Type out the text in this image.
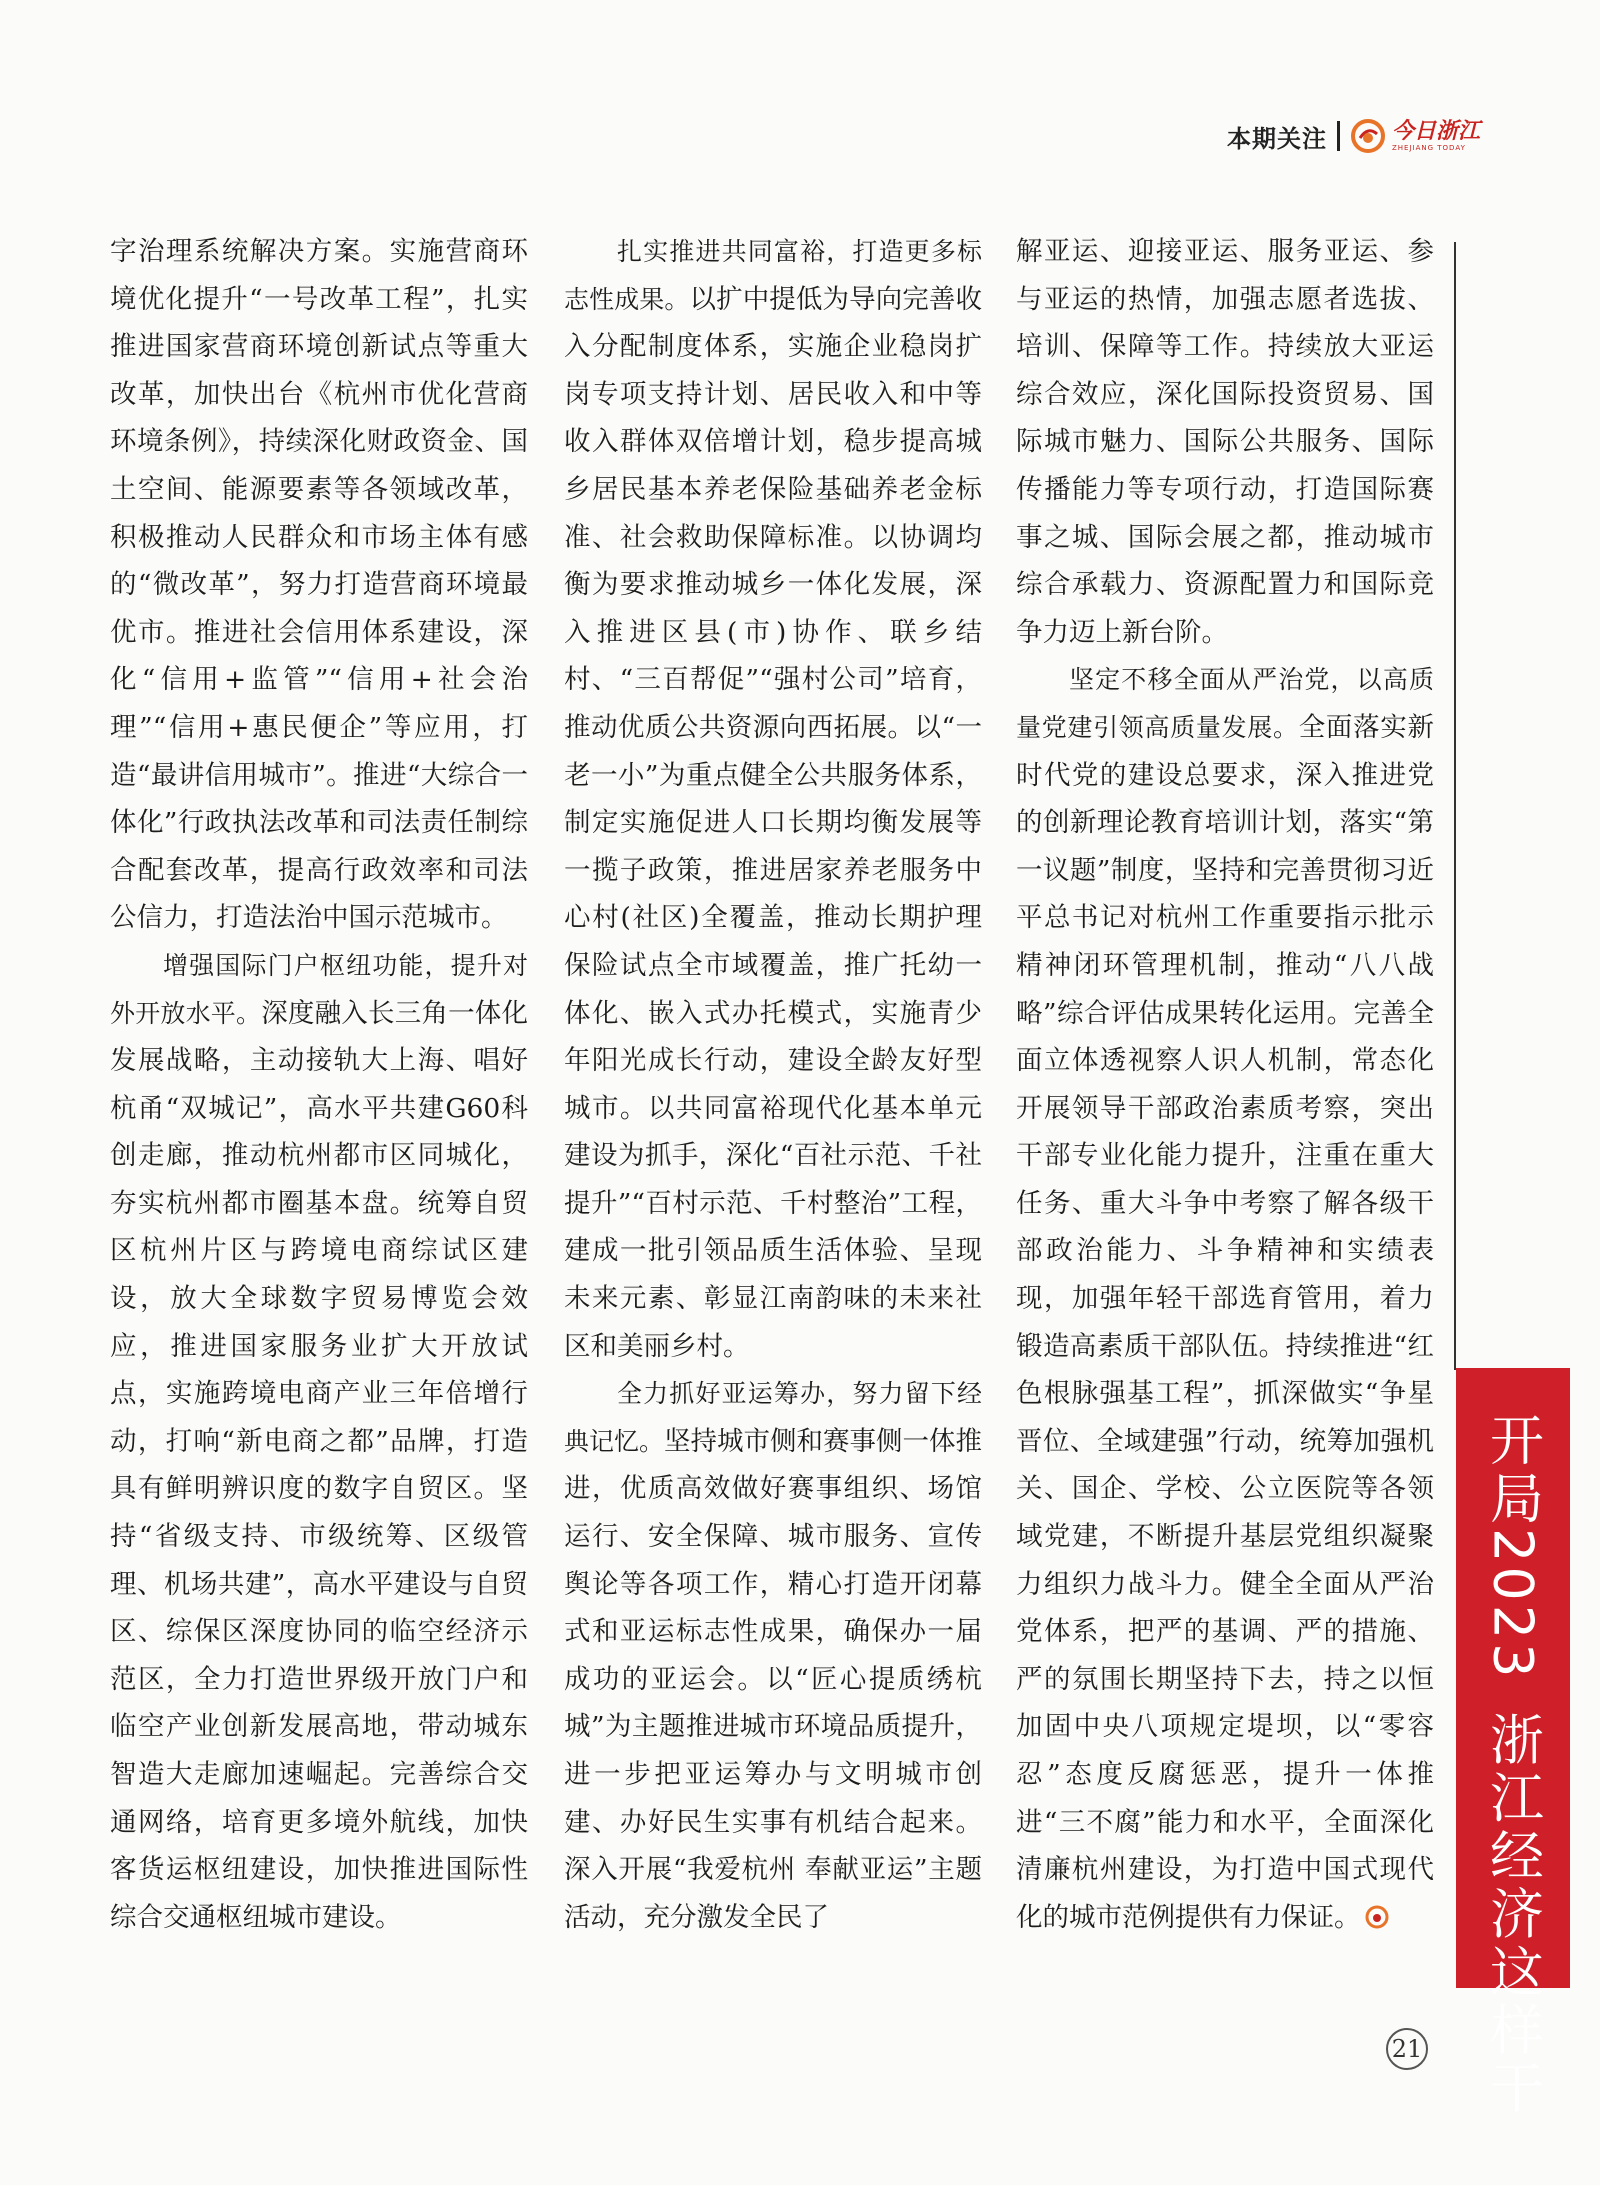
本期关注	今日浙江
ZHEJIANG TODAY

字治理系统解决方案。实施营商环境优化提升“一号改革工程”，扎实推进国家营商环境创新试点等重大改革，加快出台《杭州市优化营商环境条例》，持续深化财政资金、国土空间、能源要素等各领域改革，积极推动人民群众和市场主体有感的“微改革”，努力打造营商环境最优市。推进社会信用体系建设，深化“信用+监管”“信用+社会治理”“信用+惠民便企”等应用，打造“最讲信用城市”。推进“大综合一体化”行政执法改革和司法责任制综合配套改革，提高行政效率和司法公信力，打造法治中国示范城市。

增强国际门户枢纽功能，提升对外开放水平。深度融入长三角一体化发展战略，主动接轨大上海、唱好杭甬“双城记”，高水平共建G60科创走廊，推动杭州都市区同城化，夯实杭州都市圈基本盘。统筹自贸区杭州片区与跨境电商综试区建设，放大全球数字贸易博览会效应，推进国家服务业扩大开放试点，实施跨境电商产业三年倍增行动，打响“新电商之都”品牌，打造具有鲜明辨识度的数字自贸区。坚持“省级支持、市级统筹、区级管理、机场共建”，高水平建设与自贸区、综保区深度协同的临空经济示范区，全力打造世界级开放门户和临空产业创新发展高地，带动城东智造大走廊加速崛起。完善综合交通网络，培育更多境外航线，加快客货运枢纽建设，加快推进国际性综合交通枢纽城市建设。

扎实推进共同富裕，打造更多标志性成果。以扩中提低为导向完善收入分配制度体系，实施企业稳岗扩岗专项支持计划、居民收入和中等收入群体双倍增计划，稳步提高城乡居民基本养老保险基础养老金标准、社会救助保障标准。以协调均衡为要求推动城乡一体化发展，深入推进区县(市)协作、联乡结村、“三百帮促”“强村公司”培育，推动优质公共资源向西拓展。以“一老一小”为重点健全公共服务体系，制定实施促进人口长期均衡发展等一揽子政策，推进居家养老服务中心村(社区)全覆盖，推动长期护理保险试点全市域覆盖，推广托幼一体化、嵌入式办托模式，实施青少年阳光成长行动，建设全龄友好型城市。以共同富裕现代化基本单元建设为抓手，深化“百社示范、千社提升”“百村示范、千村整治”工程，建成一批引领品质生活体验、呈现未来元素、彰显江南韵味的未来社区和美丽乡村。

全力抓好亚运筹办，努力留下经典记忆。坚持城市侧和赛事侧一体推进，优质高效做好赛事组织、场馆运行、安全保障、城市服务、宣传舆论等各项工作，精心打造开闭幕式和亚运标志性成果，确保办一届成功的亚运会。以“匠心提质绣杭城”为主题推进城市环境品质提升，进一步把亚运筹办与文明城市创建、办好民生实事有机结合起来。深入开展“我爱杭州 奉献亚运”主题活动，充分激发全民了

解亚运、迎接亚运、服务亚运、参与亚运的热情，加强志愿者选拔、培训、保障等工作。持续放大亚运综合效应，深化国际投资贸易、国际城市魅力、国际公共服务、国际传播能力等专项行动，打造国际赛事之城、国际会展之都，推动城市综合承载力、资源配置力和国际竞争力迈上新台阶。

坚定不移全面从严治党，以高质量党建引领高质量发展。全面落实新时代党的建设总要求，深入推进党的创新理论教育培训计划，落实“第一议题”制度，坚持和完善贯彻习近平总书记对杭州工作重要指示批示精神闭环管理机制，推动“八八战略”综合评估成果转化运用。完善全面立体透视察人识人机制，常态化开展领导干部政治素质考察，突出干部专业化能力提升，注重在重大任务、重大斗争中考察了解各级干部政治能力、斗争精神和实绩表现，加强年轻干部选育管用，着力锻造高素质干部队伍。持续推进“红色根脉强基工程”，抓深做实“争星晋位、全域建强”行动，统筹加强机关、国企、学校、公立医院等各领域党建，不断提升基层党组织凝聚力组织力战斗力。健全全面从严治党体系，把严的基调、严的措施、严的氛围长期坚持下去，持之以恒加固中央八项规定堤坝，以“零容忍”态度反腐惩恶，提升一体推进“三不腐”能力和水平，全面深化清廉杭州建设，为打造中国式现代化的城市范例提供有力保证。

开局2023浙江经济这样干
21
